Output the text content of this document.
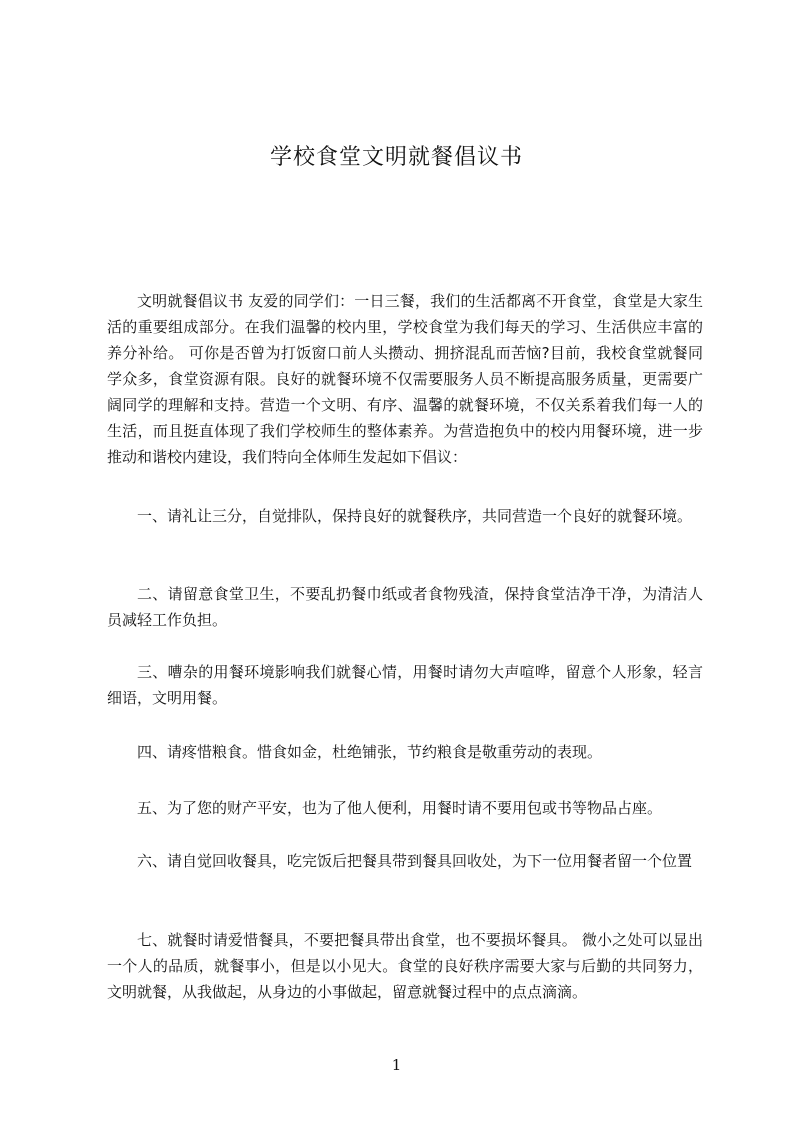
学校食堂文明就餐倡议书

文明就餐倡议书 友爱的同学们：一日三餐，我们的生活都离不开食堂，食堂是大家生活的重要组成部分。在我们温馨的校内里，学校食堂为我们每天的学习、生活供应丰富的养分补给。 可你是否曾为打饭窗口前人头攒动、拥挤混乱而苦恼?目前，我校食堂就餐同学众多，食堂资源有限。良好的就餐环境不仅需要服务人员不断提高服务质量，更需要广阔同学的理解和支持。营造一个文明、有序、温馨的就餐环境，不仅关系着我们每一人的生活，而且挺直体现了我们学校师生的整体素养。为营造抱负中的校内用餐环境，进一步推动和谐校内建设，我们特向全体师生发起如下倡议：

一、请礼让三分，自觉排队，保持良好的就餐秩序，共同营造一个良好的就餐环境。

二、请留意食堂卫生，不要乱扔餐巾纸或者食物残渣，保持食堂洁净干净，为清洁人员减轻工作负担。

三、嘈杂的用餐环境影响我们就餐心情，用餐时请勿大声喧哗，留意个人形象，轻言细语，文明用餐。

四、请疼惜粮食。惜食如金，杜绝铺张，节约粮食是敬重劳动的表现。

五、为了您的财产平安，也为了他人便利，用餐时请不要用包或书等物品占座。

六、请自觉回收餐具，吃完饭后把餐具带到餐具回收处，为下一位用餐者留一个位置

七、就餐时请爱惜餐具，不要把餐具带出食堂，也不要损坏餐具。 微小之处可以显出一个人的品质，就餐事小，但是以小见大。食堂的良好秩序需要大家与后勤的共同努力，文明就餐，从我做起，从身边的小事做起，留意就餐过程中的点点滴滴。

1
